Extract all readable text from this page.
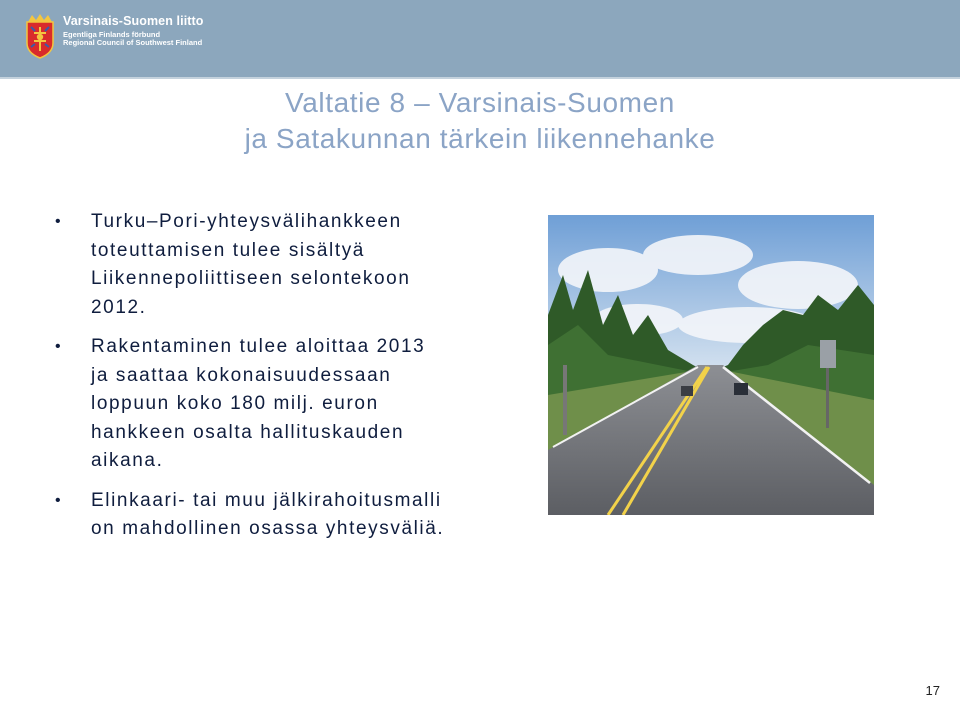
Varsinais-Suomen liitto
Egentliga Finlands förbund
Regional Council of Southwest Finland
Valtatie 8 – Varsinais-Suomen
ja Satakunnan tärkein liikennehanke
• Turku–Pori-yhteysvälihankkeen
toteuttamisen tulee sisältyä
Liikennepoliittiseen selontekoon
2012.
• Rakentaminen tulee aloittaa 2013
ja saattaa kokonaisuudessaan
loppuun koko 180 milj. euron
hankkeen osalta hallituskauden
aikana.
• Elinkaari- tai muu jälkirahoitusmalli
on mahdollinen osassa yhteysväliä.
17
